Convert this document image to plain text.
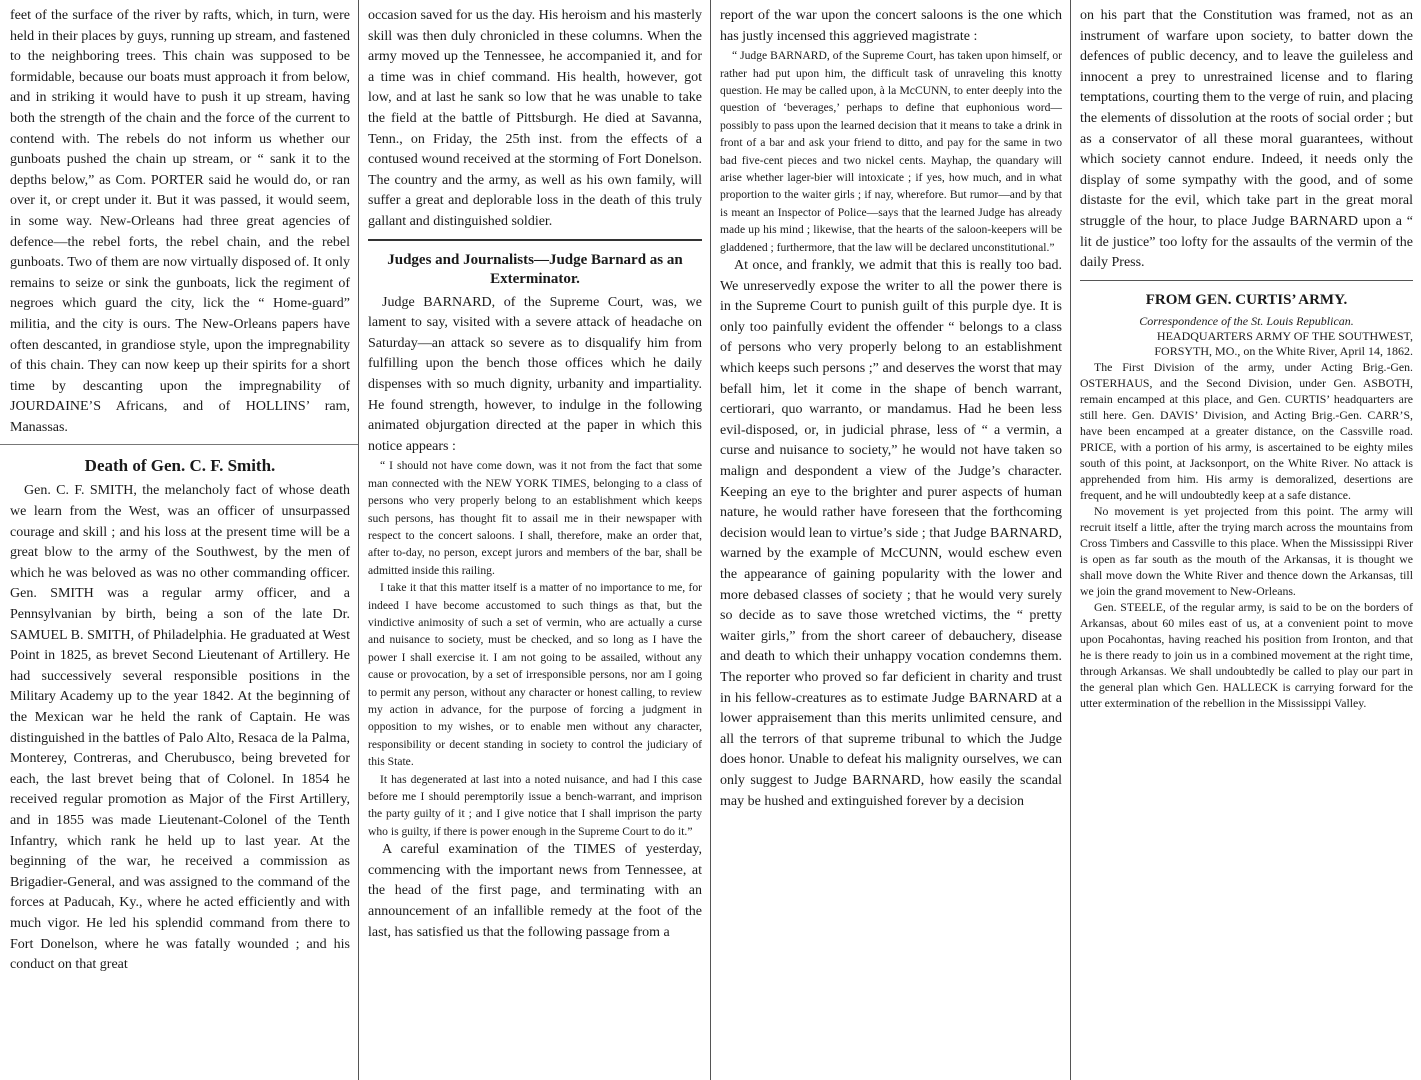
feet of the surface of the river by rafts, which, in turn, were held in their places by guys, running up stream, and fastened to the neighboring trees. This chain was supposed to be formidable, because our boats must approach it from below, and in striking it would have to push it up stream, having both the strength of the chain and the force of the current to contend with. The rebels do not inform us whether our gunboats pushed the chain up stream, or “ sank it to the depths below,” as Com. PORTER said he would do, or ran over it, or crept under it. But it was passed, it would seem, in some way. New-Orleans had three great agencies of defence—the rebel forts, the rebel chain, and the rebel gunboats. Two of them are now virtually disposed of. It only remains to seize or sink the gunboats, lick the regiment of negroes which guard the city, lick the “ Home-guard” militia, and the city is ours. The New-Orleans papers have often descanted, in grandiose style, upon the impregnability of this chain. They can now keep up their spirits for a short time by descanting upon the impregnability of JOURDAINE’S Africans, and of HOLLINS’ ram, Manassas.

Death of Gen. C. F. Smith.

Gen. C. F. SMITH, the melancholy fact of whose death we learn from the West, was an officer of unsurpassed courage and skill ; and his loss at the present time will be a great blow to the army of the Southwest, by the men of which he was beloved as was no other commanding officer. Gen. SMITH was a regular army officer, and a Pennsylvanian by birth, being a son of the late Dr. SAMUEL B. SMITH, of Philadelphia. He graduated at West Point in 1825, as brevet Second Lieutenant of Artillery. He had successively several responsible positions in the Military Academy up to the year 1842. At the beginning of the Mexican war he held the rank of Captain. He was distinguished in the battles of Palo Alto, Resaca de la Palma, Monterey, Contreras, and Cherubusco, being breveted for each, the last brevet being that of Colonel. In 1854 he received regular promotion as Major of the First Artillery, and in 1855 was made Lieutenant-Colonel of the Tenth Infantry, which rank he held up to last year. At the beginning of the war, he received a commission as Brigadier-General, and was assigned to the command of the forces at Paducah, Ky., where he acted efficiently and with much vigor. He led his splendid command from there to Fort Donelson, where he was fatally wounded ; and his conduct on that great

occasion saved for us the day. His heroism and his masterly skill was then duly chronicled in these columns. When the army moved up the Tennessee, he accompanied it, and for a time was in chief command. His health, however, got low, and at last he sank so low that he was unable to take the field at the battle of Pittsburgh. He died at Savanna, Tenn., on Friday, the 25th inst. from the effects of a contused wound received at the storming of Fort Donelson. The country and the army, as well as his own family, will suffer a great and deplorable loss in the death of this truly gallant and distinguished soldier.

Judges and Journalists—Judge Barnard as an Exterminator.

Judge BARNARD, of the Supreme Court, was, we lament to say, visited with a severe attack of headache on Saturday—an attack so severe as to disqualify him from fulfilling upon the bench those offices which he daily dispenses with so much dignity, urbanity and impartiality. He found strength, however, to indulge in the following animated objurgation directed at the paper in which this notice appears :

“ I should not have come down, was it not from the fact that some man connected with the NEW YORK TIMES, belonging to a class of persons who very properly belong to an establishment which keeps such persons, has thought fit to assail me in their newspaper with respect to the concert saloons. I shall, therefore, make an order that, after to-day, no person, except jurors and members of the bar, shall be admitted inside this railing.

I take it that this matter itself is a matter of no importance to me, for indeed I have become accustomed to such things as that, but the vindictive animosity of such a set of vermin, who are actually a curse and nuisance to society, must be checked, and so long as I have the power I shall exercise it. I am not going to be assailed, without any cause or provocation, by a set of irresponsible persons, nor am I going to permit any person, without any character or honest calling, to review my action in advance, for the purpose of forcing a judgment in opposition to my wishes, or to enable men without any character, responsibility or decent standing in society to control the judiciary of this State.

It has degenerated at last into a noted nuisance, and had I this case before me I should peremptorily issue a bench-warrant, and imprison the party guilty of it ; and I give notice that I shall imprison the party who is guilty, if there is power enough in the Supreme Court to do it.”

A careful examination of the TIMES of yesterday, commencing with the important news from Tennessee, at the head of the first page, and terminating with an announcement of an infallible remedy at the foot of the last, has satisfied us that the following passage from a

report of the war upon the concert saloons is the one which has justly incensed this aggrieved magistrate :

“ Judge BARNARD, of the Supreme Court, has taken upon himself, or rather had put upon him, the difficult task of unraveling this knotty question. He may be called upon, à la McCUNN, to enter deeply into the question of ‘beverages,’ perhaps to define that euphonious word—possibly to pass upon the learned decision that it means to take a drink in front of a bar and ask your friend to ditto, and pay for the same in two bad five-cent pieces and two nickel cents. Mayhap, the quandary will arise whether lager-bier will intoxicate ; if yes, how much, and in what proportion to the waiter girls ; if nay, wherefore. But rumor—and by that is meant an Inspector of Police—says that the learned Judge has already made up his mind ; likewise, that the hearts of the saloon-keepers will be gladdened ; furthermore, that the law will be declared unconstitutional.”

At once, and frankly, we admit that this is really too bad. We unreservedly expose the writer to all the power there is in the Supreme Court to punish guilt of this purple dye. It is only too painfully evident the offender “ belongs to a class of persons who very properly belong to an establishment which keeps such persons ;” and deserves the worst that may befall him, let it come in the shape of bench warrant, certiorari, quo warranto, or mandamus. Had he been less evil-disposed, or, in judicial phrase, less of “ a vermin, a curse and nuisance to society,” he would not have taken so malign and despondent a view of the Judge’s character. Keeping an eye to the brighter and purer aspects of human nature, he would rather have foreseen that the forthcoming decision would lean to virtue’s side ; that Judge BARNARD, warned by the example of McCUNN, would eschew even the appearance of gaining popularity with the lower and more debased classes of society ; that he would very surely so decide as to save those wretched victims, the “ pretty waiter girls,” from the short career of debauchery, disease and death to which their unhappy vocation condemns them. The reporter who proved so far deficient in charity and trust in his fellow-creatures as to estimate Judge BARNARD at a lower appraisement than this merits unlimited censure, and all the terrors of that supreme tribunal to which the Judge does honor. Unable to defeat his malignity ourselves, we can only suggest to Judge BARNARD, how easily the scandal may be hushed and extinguished forever by a decision

on his part that the Constitution was framed, not as an instrument of warfare upon society, to batter down the defences of public decency, and to leave the guileless and innocent a prey to unrestrained license and to flaring temptations, courting them to the verge of ruin, and placing the elements of dissolution at the roots of social order ; but as a conservator of all these moral guarantees, without which society cannot endure. Indeed, it needs only the display of some sympathy with the good, and of some distaste for the evil, which take part in the great moral struggle of the hour, to place Judge BARNARD upon a “ lit de justice” too lofty for the assaults of the vermin of the daily Press.

FROM GEN. CURTIS’ ARMY.
Correspondence of the St. Louis Republican.
HEADQUARTERS ARMY OF THE SOUTHWEST,
FORSYTH, MO., on the White River, April 14, 1862.

The First Division of the army, under Acting Brig.-Gen. OSTERHAUS, and the Second Division, under Gen. ASBOTH, remain encamped at this place, and Gen. CURTIS’ headquarters are still here. Gen. DAVIS’ Division, and Acting Brig.-Gen. CARR’S, have been encamped at a greater distance, on the Cassville road. PRICE, with a portion of his army, is ascertained to be eighty miles south of this point, at Jacksonport, on the White River. No attack is apprehended from him. His army is demoralized, desertions are frequent, and he will undoubtedly keep at a safe distance.

No movement is yet projected from this point. The army will recruit itself a little, after the trying march across the mountains from Cross Timbers and Cassville to this place. When the Mississippi River is open as far south as the mouth of the Arkansas, it is thought we shall move down the White River and thence down the Arkansas, till we join the grand movement to New-Orleans.

Gen. STEELE, of the regular army, is said to be on the borders of Arkansas, about 60 miles east of us, at a convenient point to move upon Pocahontas, having reached his position from Ironton, and that he is there ready to join us in a combined movement at the right time, through Arkansas. We shall undoubtedly be called to play our part in the general plan which Gen. HALLECK is carrying forward for the utter extermination of the rebellion in the Mississippi Valley.
